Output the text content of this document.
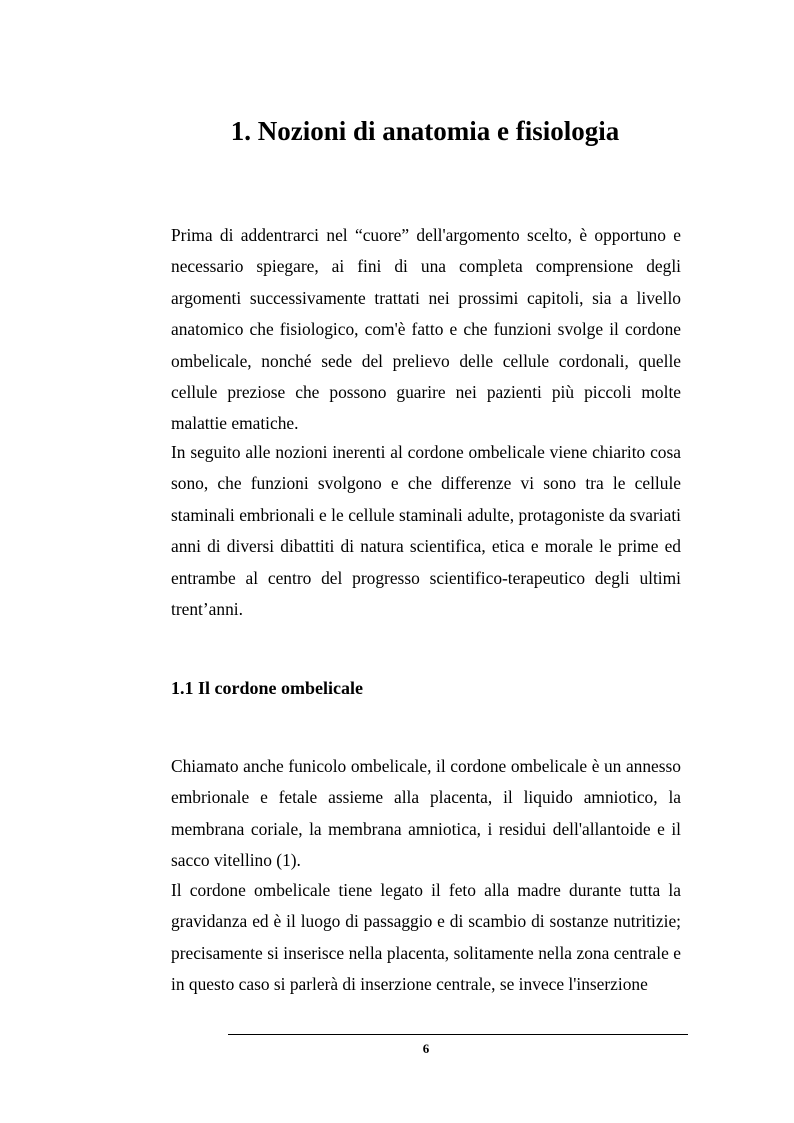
1. Nozioni di anatomia e fisiologia

Prima di addentrarci nel “cuore” dell'argomento scelto, è opportuno e necessario spiegare, ai fini di una completa comprensione degli argomenti successivamente trattati nei prossimi capitoli, sia a livello anatomico che fisiologico, com'è fatto e che funzioni svolge il cordone ombelicale, nonché sede del prelievo delle cellule cordonali, quelle cellule preziose che possono guarire nei pazienti più piccoli molte malattie ematiche.

In seguito alle nozioni inerenti al cordone ombelicale viene chiarito cosa sono, che funzioni svolgono e che differenze vi sono tra le cellule staminali embrionali e le cellule staminali adulte, protagoniste da svariati anni di diversi dibattiti di natura scientifica, etica e morale le prime ed entrambe al centro del progresso scientifico-terapeutico degli ultimi trent’anni.

1.1 Il cordone ombelicale

Chiamato anche funicolo ombelicale, il cordone ombelicale è un annesso embrionale e fetale assieme alla placenta, il liquido amniotico, la membrana coriale, la membrana amniotica, i residui dell'allantoide e il sacco vitellino (1).

Il cordone ombelicale tiene legato il feto alla madre durante tutta la gravidanza ed è il luogo di passaggio e di scambio di sostanze nutritizie; precisamente si inserisce nella placenta, solitamente nella zona centrale e in questo caso si parlerà di inserzione centrale, se invece l'inserzione

6
